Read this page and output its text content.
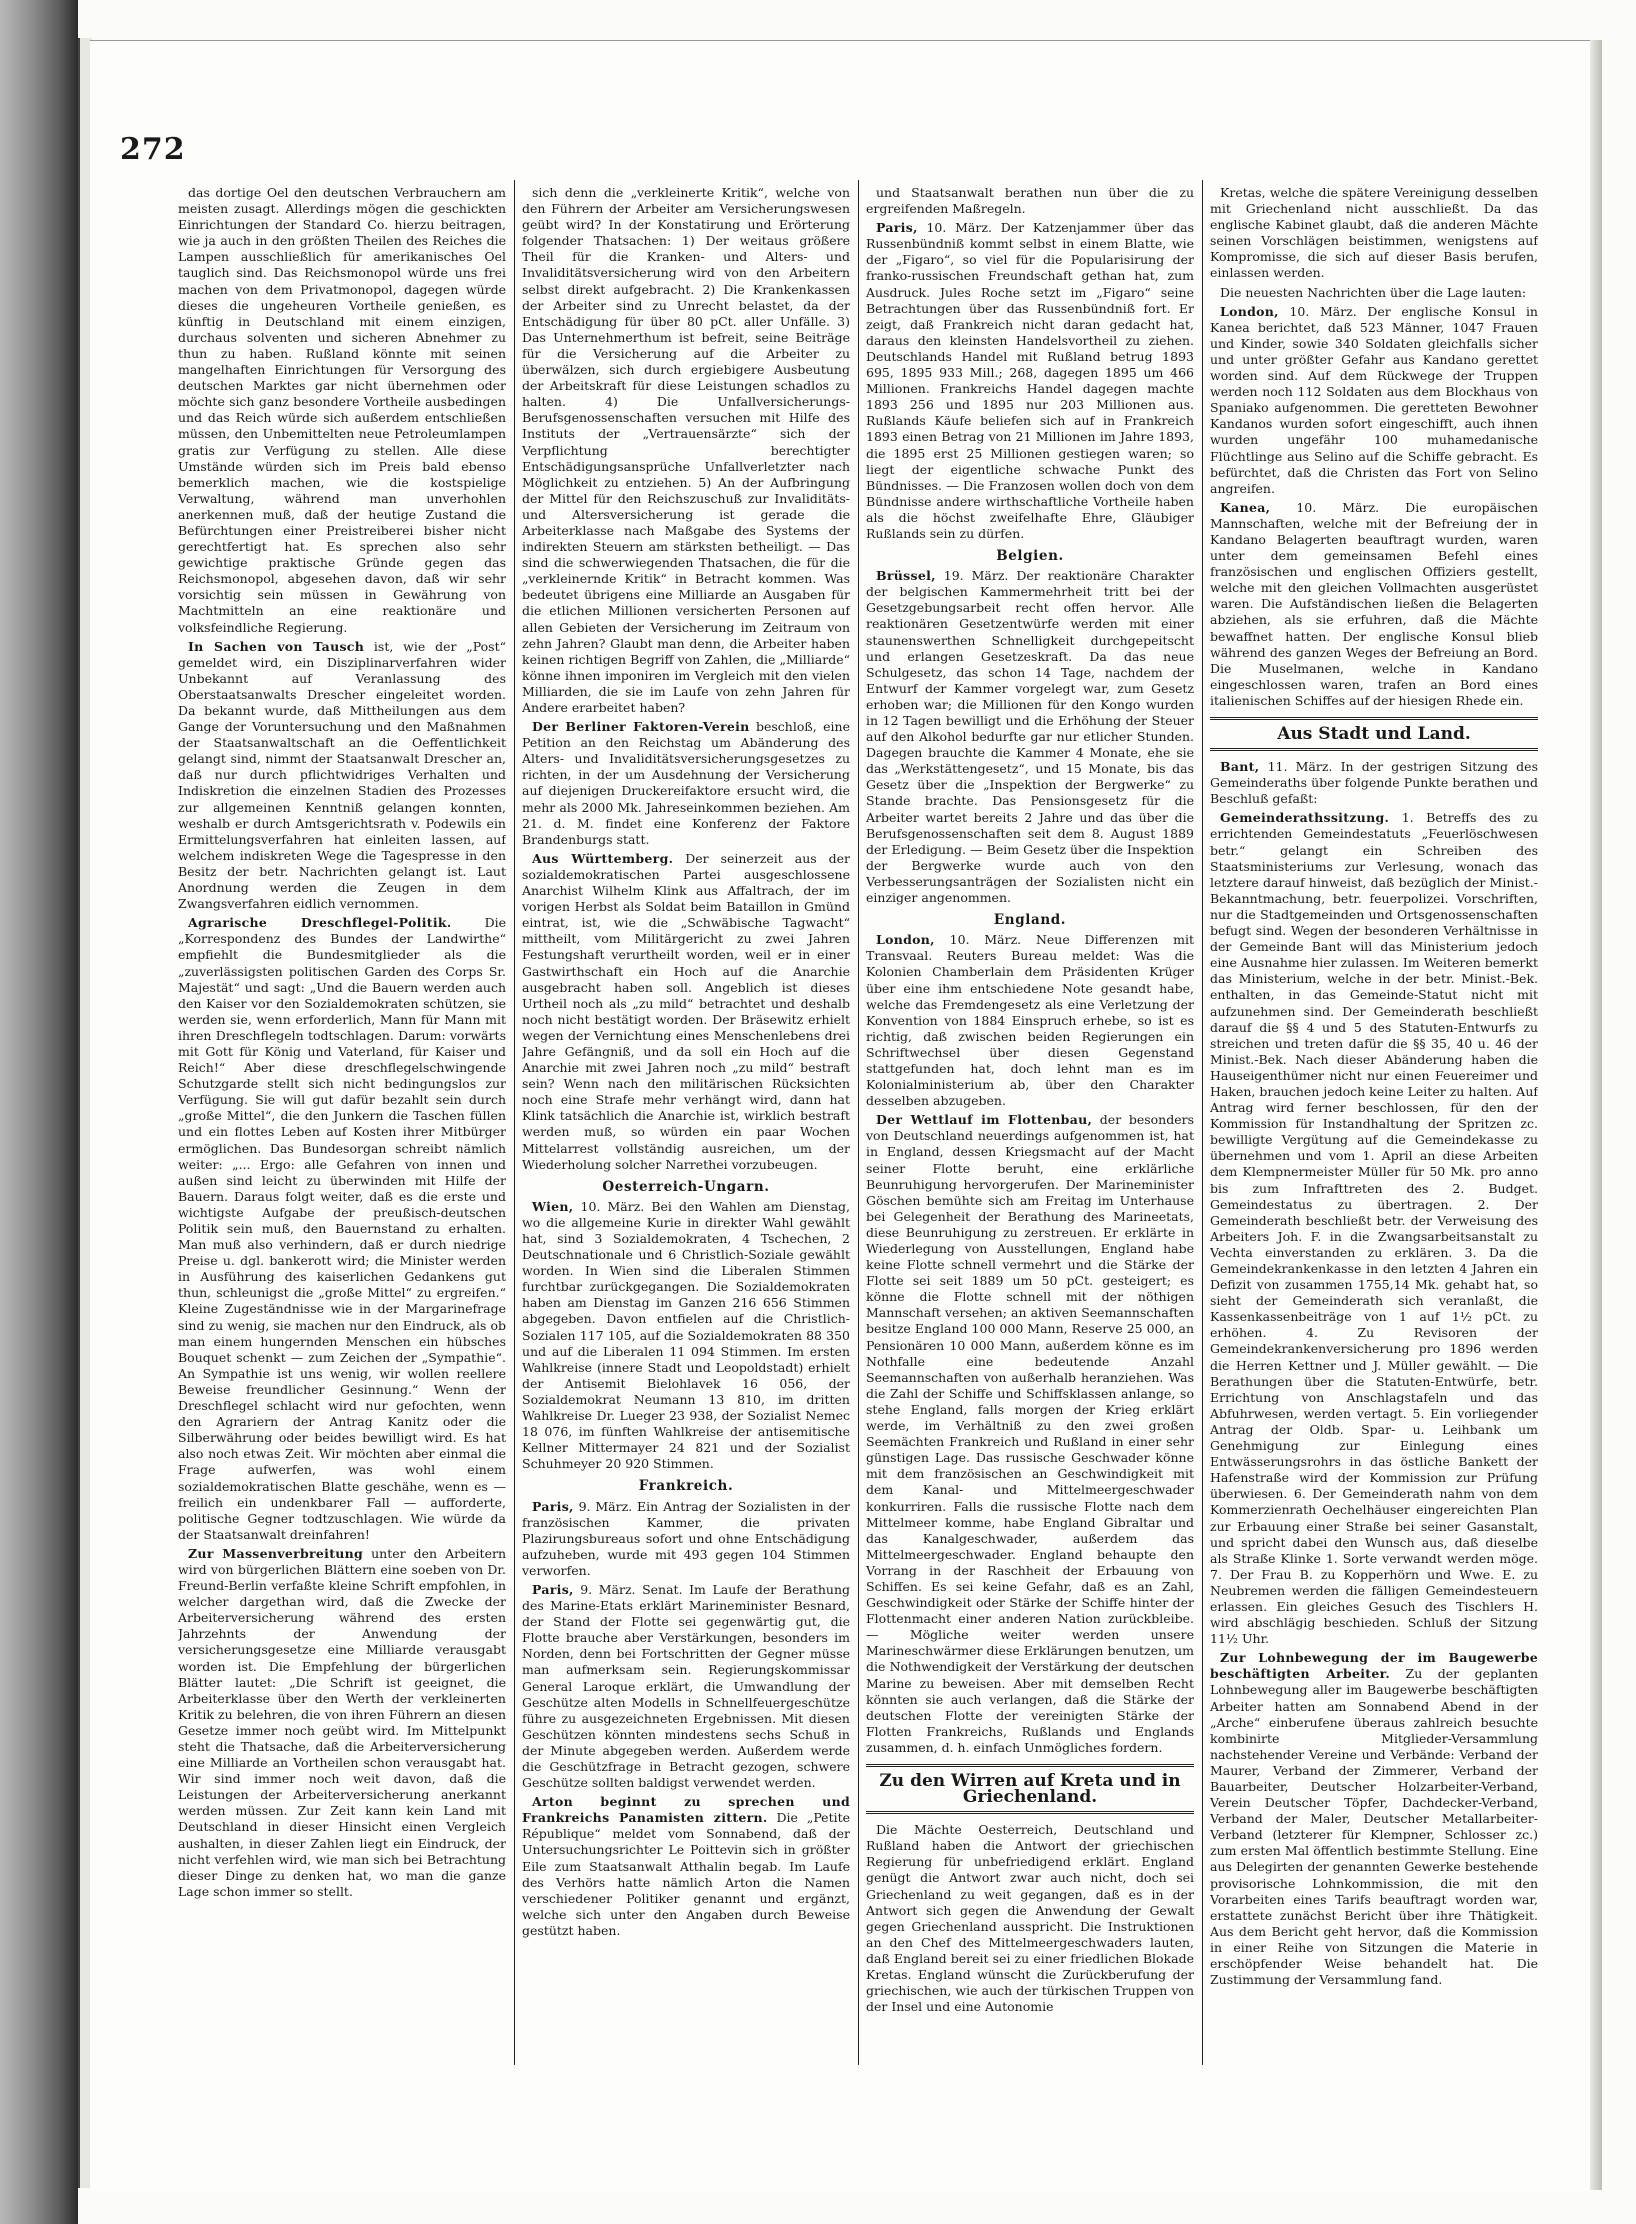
272

das dortige Oel den deutschen Verbrauchern am meisten zusagt. Allerdings mögen die geschickten Einrichtungen der Standard Co. hierzu beitragen, wie ja auch in den größten Theilen des Reiches die Lampen ausschließlich für amerikanisches Oel tauglich sind. Das Reichsmonopol würde uns frei machen von dem Privatmonopol, dagegen würde dieses die ungeheuren Vortheile genießen, es künftig in Deutschland mit einem einzigen, durchaus solventen und sicheren Abnehmer zu thun zu haben. Rußland könnte mit seinen mangelhaften Einrichtungen für Versorgung des deutschen Marktes gar nicht übernehmen oder möchte sich ganz besondere Vortheile ausbedingen und das Reich würde sich außerdem entschließen müssen, den Unbemittelten neue Petroleumlampen gratis zur Verfügung zu stellen. Alle diese Umstände würden sich im Preis bald ebenso bemerklich machen, wie die kostspielige Verwaltung, während man unverhohlen anerkennen muß, daß der heutige Zustand die Befürchtungen einer Preistreiberei bisher nicht gerechtfertigt hat. Es sprechen also sehr gewichtige praktische Gründe gegen das Reichsmonopol, abgesehen davon, daß wir sehr vorsichtig sein müssen in Gewährung von Machtmitteln an eine reaktionäre und volksfeindliche Regierung.

In Sachen von Tausch ist, wie der „Post“ gemeldet wird, ein Disziplinarverfahren wider Unbekannt auf Veranlassung des Oberstaatsanwalts Drescher eingeleitet worden. Da bekannt wurde, daß Mittheilungen aus dem Gange der Voruntersuchung und den Maßnahmen der Staatsanwaltschaft an die Oeffentlichkeit gelangt sind, nimmt der Staatsanwalt Drescher an, daß nur durch pflichtwidriges Verhalten und Indiskretion die einzelnen Stadien des Prozesses zur allgemeinen Kenntniß gelangen konnten, weshalb er durch Amtsgerichtsrath v. Podewils ein Ermittelungsverfahren hat einleiten lassen, auf welchem indiskreten Wege die Tagespresse in den Besitz der betr. Nachrichten gelangt ist. Laut Anordnung werden die Zeugen in dem Zwangsverfahren eidlich vernommen.

Agrarische Dreschflegel-Politik. Die „Korrespondenz des Bundes der Landwirthe“ empfiehlt die Bundesmitglieder als die „zuverlässigsten politischen Garden des Corps Sr. Majestät“ und sagt: „Und die Bauern werden auch den Kaiser vor den Sozialdemokraten schützen, sie werden sie, wenn erforderlich, Mann für Mann mit ihren Dreschflegeln todtschlagen. Darum: vorwärts mit Gott für König und Vaterland, für Kaiser und Reich!“ Aber diese dreschflegelschwingende Schutzgarde stellt sich nicht bedingungslos zur Verfügung. Sie will gut dafür bezahlt sein durch „große Mittel“, die den Junkern die Taschen füllen und ein flottes Leben auf Kosten ihrer Mitbürger ermöglichen. Das Bundesorgan schreibt nämlich weiter: „... Ergo: alle Gefahren von innen und außen sind leicht zu überwinden mit Hilfe der Bauern. Daraus folgt weiter, daß es die erste und wichtigste Aufgabe der preußisch-deutschen Politik sein muß, den Bauernstand zu erhalten. Man muß also verhindern, daß er durch niedrige Preise u. dgl. bankerott wird; die Minister werden in Ausführung des kaiserlichen Gedankens gut thun, schleunigst die „große Mittel“ zu ergreifen.“ Kleine Zugeständnisse wie in der Margarinefrage sind zu wenig, sie machen nur den Eindruck, als ob man einem hungernden Menschen ein hübsches Bouquet schenkt — zum Zeichen der „Sympathie“. An Sympathie ist uns wenig, wir wollen reellere Beweise freundlicher Gesinnung.“ Wenn der Dreschflegel schlacht wird nur gefochten, wenn den Agrariern der Antrag Kanitz oder die Silberwährung oder beides bewilligt wird. Es hat also noch etwas Zeit. Wir möchten aber einmal die Frage aufwerfen, was wohl einem sozialdemokratischen Blatte geschähe, wenn es — freilich ein undenkbarer Fall — aufforderte, politische Gegner todtzuschlagen. Wie würde da der Staatsanwalt dreinfahren!

Zur Massenverbreitung unter den Arbeitern wird von bürgerlichen Blättern eine soeben von Dr. Freund-Berlin verfaßte kleine Schrift empfohlen, in welcher dargethan wird, daß die Zwecke der Arbeiterversicherung während des ersten Jahrzehnts der Anwendung der versicherungsgesetze eine Milliarde verausgabt worden ist. Die Empfehlung der bürgerlichen Blätter lautet: „Die Schrift ist geeignet, die Arbeiterklasse über den Werth der verkleinerten Kritik zu belehren, die von ihren Führern an diesen Gesetze immer noch geübt wird. Im Mittelpunkt steht die Thatsache, daß die Arbeiterversicherung eine Milliarde an Vortheilen schon verausgabt hat. Wir sind immer noch weit davon, daß die Leistungen der Arbeiterversicherung anerkannt werden müssen. Zur Zeit kann kein Land mit Deutschland in dieser Hinsicht einen Vergleich aushalten, in dieser Zahlen liegt ein Eindruck, der nicht verfehlen wird, wie man sich bei Betrachtung dieser Dinge zu denken hat, wo man die ganze Lage schon immer so stellt.

sich denn die „verkleinerte Kritik“, welche von den Führern der Arbeiter am Versicherungswesen geübt wird? In der Konstatirung und Erörterung folgender Thatsachen: 1) Der weitaus größere Theil für die Kranken- und Alters- und Invaliditätsversicherung wird von den Arbeitern selbst direkt aufgebracht. 2) Die Krankenkassen der Arbeiter sind zu Unrecht belastet, da der Entschädigung für über 80 pCt. aller Unfälle. 3) Das Unternehmerthum ist befreit, seine Beiträge für die Versicherung auf die Arbeiter zu überwälzen, sich durch ergiebigere Ausbeutung der Arbeitskraft für diese Leistungen schadlos zu halten. 4) Die Unfallversicherungs-Berufsgenossenschaften versuchen mit Hilfe des Instituts der „Vertrauensärzte“ sich der Verpflichtung berechtigter Entschädigungsansprüche Unfallverletzter nach Möglichkeit zu entziehen. 5) An der Aufbringung der Mittel für den Reichszuschuß zur Invaliditäts- und Altersversicherung ist gerade die Arbeiterklasse nach Maßgabe des Systems der indirekten Steuern am stärksten betheiligt. — Das sind die schwerwiegenden Thatsachen, die für die „verkleinernde Kritik“ in Betracht kommen. Was bedeutet übrigens eine Milliarde an Ausgaben für die etlichen Millionen versicherten Personen auf allen Gebieten der Versicherung im Zeitraum von zehn Jahren? Glaubt man denn, die Arbeiter haben keinen richtigen Begriff von Zahlen, die „Milliarde“ könne ihnen imponiren im Vergleich mit den vielen Milliarden, die sie im Laufe von zehn Jahren für Andere erarbeitet haben?

Der Berliner Faktoren-Verein beschloß, eine Petition an den Reichstag um Abänderung des Alters- und Invaliditätsversicherungsgesetzes zu richten, in der um Ausdehnung der Versicherung auf diejenigen Druckereifaktore ersucht wird, die mehr als 2000 Mk. Jahreseinkommen beziehen. Am 21. d. M. findet eine Konferenz der Faktore Brandenburgs statt.

Aus Württemberg. Der seinerzeit aus der sozialdemokratischen Partei ausgeschlossene Anarchist Wilhelm Klink aus Affaltrach, der im vorigen Herbst als Soldat beim Bataillon in Gmünd eintrat, ist, wie die „Schwäbische Tagwacht“ mittheilt, vom Militärgericht zu zwei Jahren Festungshaft verurtheilt worden, weil er in einer Gastwirthschaft ein Hoch auf die Anarchie ausgebracht haben soll. Angeblich ist dieses Urtheil noch als „zu mild“ betrachtet und deshalb noch nicht bestätigt worden. Der Bräsewitz erhielt wegen der Vernichtung eines Menschenlebens drei Jahre Gefängniß, und da soll ein Hoch auf die Anarchie mit zwei Jahren noch „zu mild“ bestraft sein? Wenn nach den militärischen Rücksichten noch eine Strafe mehr verhängt wird, dann hat Klink tatsächlich die Anarchie ist, wirklich bestraft werden muß, so würden ein paar Wochen Mittelarrest vollständig ausreichen, um der Wiederholung solcher Narrethei vorzubeugen.

Oesterreich-Ungarn.

Wien, 10. März. Bei den Wahlen am Dienstag, wo die allgemeine Kurie in direkter Wahl gewählt hat, sind 3 Sozialdemokraten, 4 Tschechen, 2 Deutschnationale und 6 Christlich-Soziale gewählt worden. In Wien sind die Liberalen Stimmen furchtbar zurückgegangen. Die Sozialdemokraten haben am Dienstag im Ganzen 216 656 Stimmen abgegeben. Davon entfielen auf die Christlich-Sozialen 117 105, auf die Sozialdemokraten 88 350 und auf die Liberalen 11 094 Stimmen. Im ersten Wahlkreise (innere Stadt und Leopoldstadt) erhielt der Antisemit Bielohlavek 16 056, der Sozialdemokrat Neumann 13 810, im dritten Wahlkreise Dr. Lueger 23 938, der Sozialist Nemec 18 076, im fünften Wahlkreise der antisemitische Kellner Mittermayer 24 821 und der Sozialist Schuhmeyer 20 920 Stimmen.

Frankreich.

Paris, 9. März. Ein Antrag der Sozialisten in der französischen Kammer, die privaten Plazirungsbureaus sofort und ohne Entschädigung aufzuheben, wurde mit 493 gegen 104 Stimmen verworfen.

Paris, 9. März. Senat. Im Laufe der Berathung des Marine-Etats erklärt Marineminister Besnard, der Stand der Flotte sei gegenwärtig gut, die Flotte brauche aber Verstärkungen, besonders im Norden, denn bei Fortschritten der Gegner müsse man aufmerksam sein. Regierungskommissar General Laroque erklärt, die Umwandlung der Geschütze alten Modells in Schnellfeuergeschütze führe zu ausgezeichneten Ergebnissen. Mit diesen Geschützen könnten mindestens sechs Schuß in der Minute abgegeben werden. Außerdem werde die Geschützfrage in Betracht gezogen, schwere Geschütze sollten baldigst verwendet werden.

Arton beginnt zu sprechen und Frankreichs Panamisten zittern. Die „Petite République“ meldet vom Sonnabend, daß der Untersuchungsrichter Le Poittevin sich in größter Eile zum Staatsanwalt Atthalin begab. Im Laufe des Verhörs hatte nämlich Arton die Namen verschiedener Politiker genannt und ergänzt, welche sich unter den Angaben durch Beweise gestützt haben.

und Staatsanwalt berathen nun über die zu ergreifenden Maßregeln.

Paris, 10. März. Der Katzenjammer über das Russenbündniß kommt selbst in einem Blatte, wie der „Figaro“, so viel für die Popularisirung der franko-russischen Freundschaft gethan hat, zum Ausdruck. Jules Roche setzt im „Figaro“ seine Betrachtungen über das Russenbündniß fort. Er zeigt, daß Frankreich nicht daran gedacht hat, daraus den kleinsten Handelsvortheil zu ziehen. Deutschlands Handel mit Rußland betrug 1893 695, 1895 933 Mill.; 268, dagegen 1895 um 466 Millionen. Frankreichs Handel dagegen machte 1893 256 und 1895 nur 203 Millionen aus. Rußlands Käufe beliefen sich auf in Frankreich 1893 einen Betrag von 21 Millionen im Jahre 1893, die 1895 erst 25 Millionen gestiegen waren; so liegt der eigentliche schwache Punkt des Bündnisses. — Die Franzosen wollen doch von dem Bündnisse andere wirthschaftliche Vortheile haben als die höchst zweifelhafte Ehre, Gläubiger Rußlands sein zu dürfen.

Belgien.

Brüssel, 19. März. Der reaktionäre Charakter der belgischen Kammermehrheit tritt bei der Gesetzgebungsarbeit recht offen hervor. Alle reaktionären Gesetzentwürfe werden mit einer staunenswerthen Schnelligkeit durchgepeitscht und erlangen Gesetzeskraft. Da das neue Schulgesetz, das schon 14 Tage, nachdem der Entwurf der Kammer vorgelegt war, zum Gesetz erhoben war; die Millionen für den Kongo wurden in 12 Tagen bewilligt und die Erhöhung der Steuer auf den Alkohol bedurfte gar nur etlicher Stunden. Dagegen brauchte die Kammer 4 Monate, ehe sie das „Werkstättengesetz“, und 15 Monate, bis das Gesetz über die „Inspektion der Bergwerke“ zu Stande brachte. Das Pensionsgesetz für die Arbeiter wartet bereits 2 Jahre und das über die Berufsgenossenschaften seit dem 8. August 1889 der Erledigung. — Beim Gesetz über die Inspektion der Bergwerke wurde auch von den Verbesserungsanträgen der Sozialisten nicht ein einziger angenommen.

England.

London, 10. März. Neue Differenzen mit Transvaal. Reuters Bureau meldet: Was die Kolonien Chamberlain dem Präsidenten Krüger über eine ihm entschiedene Note gesandt habe, welche das Fremdengesetz als eine Verletzung der Konvention von 1884 Einspruch erhebe, so ist es richtig, daß zwischen beiden Regierungen ein Schriftwechsel über diesen Gegenstand stattgefunden hat, doch lehnt man es im Kolonialministerium ab, über den Charakter desselben abzugeben.

Der Wettlauf im Flottenbau, der besonders von Deutschland neuerdings aufgenommen ist, hat in England, dessen Kriegsmacht auf der Macht seiner Flotte beruht, eine erklärliche Beunruhigung hervorgerufen. Der Marineminister Göschen bemühte sich am Freitag im Unterhause bei Gelegenheit der Berathung des Marineetats, diese Beunruhigung zu zerstreuen. Er erklärte in Wiederlegung von Ausstellungen, England habe keine Flotte schnell vermehrt und die Stärke der Flotte sei seit 1889 um 50 pCt. gesteigert; es könne die Flotte schnell mit der nöthigen Mannschaft versehen; an aktiven Seemannschaften besitze England 100 000 Mann, Reserve 25 000, an Pensionären 10 000 Mann, außerdem könne es im Nothfalle eine bedeutende Anzahl Seemannschaften von außerhalb heranziehen. Was die Zahl der Schiffe und Schiffsklassen anlange, so stehe England, falls morgen der Krieg erklärt werde, im Verhältniß zu den zwei großen Seemächten Frankreich und Rußland in einer sehr günstigen Lage. Das russische Geschwader könne mit dem französischen an Geschwindigkeit mit dem Kanal- und Mittelmeergeschwader konkurriren. Falls die russische Flotte nach dem Mittelmeer komme, habe England Gibraltar und das Kanalgeschwader, außerdem das Mittelmeergeschwader. England behaupte den Vorrang in der Raschheit der Erbauung von Schiffen. Es sei keine Gefahr, daß es an Zahl, Geschwindigkeit oder Stärke der Schiffe hinter der Flottenmacht einer anderen Nation zurückbleibe. — Mögliche weiter werden unsere Marineschwärmer diese Erklärungen benutzen, um die Nothwendigkeit der Verstärkung der deutschen Marine zu beweisen. Aber mit demselben Recht könnten sie auch verlangen, daß die Stärke der deutschen Flotte der vereinigten Stärke der Flotten Frankreichs, Rußlands und Englands zusammen, d. h. einfach Unmögliches fordern.

Zu den Wirren auf Kreta und in Griechenland.

Die Mächte Oesterreich, Deutschland und Rußland haben die Antwort der griechischen Regierung für unbefriedigend erklärt. England genügt die Antwort zwar auch nicht, doch sei Griechenland zu weit gegangen, daß es in der Antwort sich gegen die Anwendung der Gewalt gegen Griechenland ausspricht. Die Instruktionen an den Chef des Mittelmeergeschwaders lauten, daß England bereit sei zu einer friedlichen Blokade Kretas. England wünscht die Zurückberufung der griechischen, wie auch der türkischen Truppen von der Insel und eine Autonomie

Kretas, welche die spätere Vereinigung desselben mit Griechenland nicht ausschließt. Da das englische Kabinet glaubt, daß die anderen Mächte seinen Vorschlägen beistimmen, wenigstens auf Kompromisse, die sich auf dieser Basis berufen, einlassen werden.

Die neuesten Nachrichten über die Lage lauten:

London, 10. März. Der englische Konsul in Kanea berichtet, daß 523 Männer, 1047 Frauen und Kinder, sowie 340 Soldaten gleichfalls sicher und unter größter Gefahr aus Kandano gerettet worden sind. Auf dem Rückwege der Truppen werden noch 112 Soldaten aus dem Blockhaus von Spaniako aufgenommen. Die geretteten Bewohner Kandanos wurden sofort eingeschifft, auch ihnen wurden ungefähr 100 muhamedanische Flüchtlinge aus Selino auf die Schiffe gebracht. Es befürchtet, daß die Christen das Fort von Selino angreifen.

Kanea, 10. März. Die europäischen Mannschaften, welche mit der Befreiung der in Kandano Belagerten beauftragt wurden, waren unter dem gemeinsamen Befehl eines französischen und englischen Offiziers gestellt, welche mit den gleichen Vollmachten ausgerüstet waren. Die Aufständischen ließen die Belagerten abziehen, als sie erfuhren, daß die Mächte bewaffnet hatten. Der englische Konsul blieb während des ganzen Weges der Befreiung an Bord. Die Muselmanen, welche in Kandano eingeschlossen waren, trafen an Bord eines italienischen Schiffes auf der hiesigen Rhede ein.

Aus Stadt und Land.

Bant, 11. März. In der gestrigen Sitzung des Gemeinderaths über folgende Punkte berathen und Beschluß gefaßt:

Gemeinderathssitzung. 1. Betreffs des zu errichtenden Gemeindestatuts „Feuerlöschwesen betr.“ gelangt ein Schreiben des Staatsministeriums zur Verlesung, wonach das letztere darauf hinweist, daß bezüglich der Minist.-Bekanntmachung, betr. feuerpolizei. Vorschriften, nur die Stadtgemeinden und Ortsgenossenschaften befugt sind. Wegen der besonderen Verhältnisse in der Gemeinde Bant will das Ministerium jedoch eine Ausnahme hier zulassen. Im Weiteren bemerkt das Ministerium, welche in der betr. Minist.-Bek. enthalten, in das Gemeinde-Statut nicht mit aufzunehmen sind. Der Gemeinderath beschließt darauf die §§ 4 und 5 des Statuten-Entwurfs zu streichen und treten dafür die §§ 35, 40 u. 46 der Minist.-Bek. Nach dieser Abänderung haben die Hauseigenthümer nicht nur einen Feuereimer und Haken, brauchen jedoch keine Leiter zu halten. Auf Antrag wird ferner beschlossen, für den der Kommission für Instandhaltung der Spritzen zc. bewilligte Vergütung auf die Gemeindekasse zu übernehmen und vom 1. April an diese Arbeiten dem Klempnermeister Müller für 50 Mk. pro anno bis zum Infrafttreten des 2. Budget. Gemeindestatus zu übertragen. 2. Der Gemeinderath beschließt betr. der Verweisung des Arbeiters Joh. F. in die Zwangsarbeitsanstalt zu Vechta einverstanden zu erklären. 3. Da die Gemeindekrankenkasse in den letzten 4 Jahren ein Defizit von zusammen 1755,14 Mk. gehabt hat, so sieht der Gemeinderath sich veranlaßt, die Kassenkassenbeiträge von 1 auf 1½ pCt. zu erhöhen. 4. Zu Revisoren der Gemeindekrankenversicherung pro 1896 werden die Herren Kettner und J. Müller gewählt. — Die Berathungen über die Statuten-Entwürfe, betr. Errichtung von Anschlagstafeln und das Abfuhrwesen, werden vertagt. 5. Ein vorliegender Antrag der Oldb. Spar- u. Leihbank um Genehmigung zur Einlegung eines Entwässerungsrohrs in das östliche Bankett der Hafenstraße wird der Kommission zur Prüfung überwiesen. 6. Der Gemeinderath nahm von dem Kommerzienrath Oechelhäuser eingereichten Plan zur Erbauung einer Straße bei seiner Gasanstalt, und spricht dabei den Wunsch aus, daß dieselbe als Straße Klinke 1. Sorte verwandt werden möge. 7. Der Frau B. zu Kopperhörn und Wwe. E. zu Neubremen werden die fälligen Gemeindesteuern erlassen. Ein gleiches Gesuch des Tischlers H. wird abschlägig beschieden. Schluß der Sitzung 11½ Uhr.

Zur Lohnbewegung der im Baugewerbe beschäftigten Arbeiter. Zu der geplanten Lohnbewegung aller im Baugewerbe beschäftigten Arbeiter hatten am Sonnabend Abend in der „Arche“ einberufene überaus zahlreich besuchte kombinirte Mitglieder-Versammlung nachstehender Vereine und Verbände: Verband der Maurer, Verband der Zimmerer, Verband der Bauarbeiter, Deutscher Holzarbeiter-Verband, Verein Deutscher Töpfer, Dachdecker-Verband, Verband der Maler, Deutscher Metallarbeiter-Verband (letzterer für Klempner, Schlosser zc.) zum ersten Mal öffentlich bestimmte Stellung. Eine aus Delegirten der genannten Gewerke bestehende provisorische Lohnkommission, die mit den Vorarbeiten eines Tarifs beauftragt worden war, erstattete zunächst Bericht über ihre Thätigkeit. Aus dem Bericht geht hervor, daß die Kommission in einer Reihe von Sitzungen die Materie in erschöpfender Weise behandelt hat. Die Zustimmung der Versammlung fand.
